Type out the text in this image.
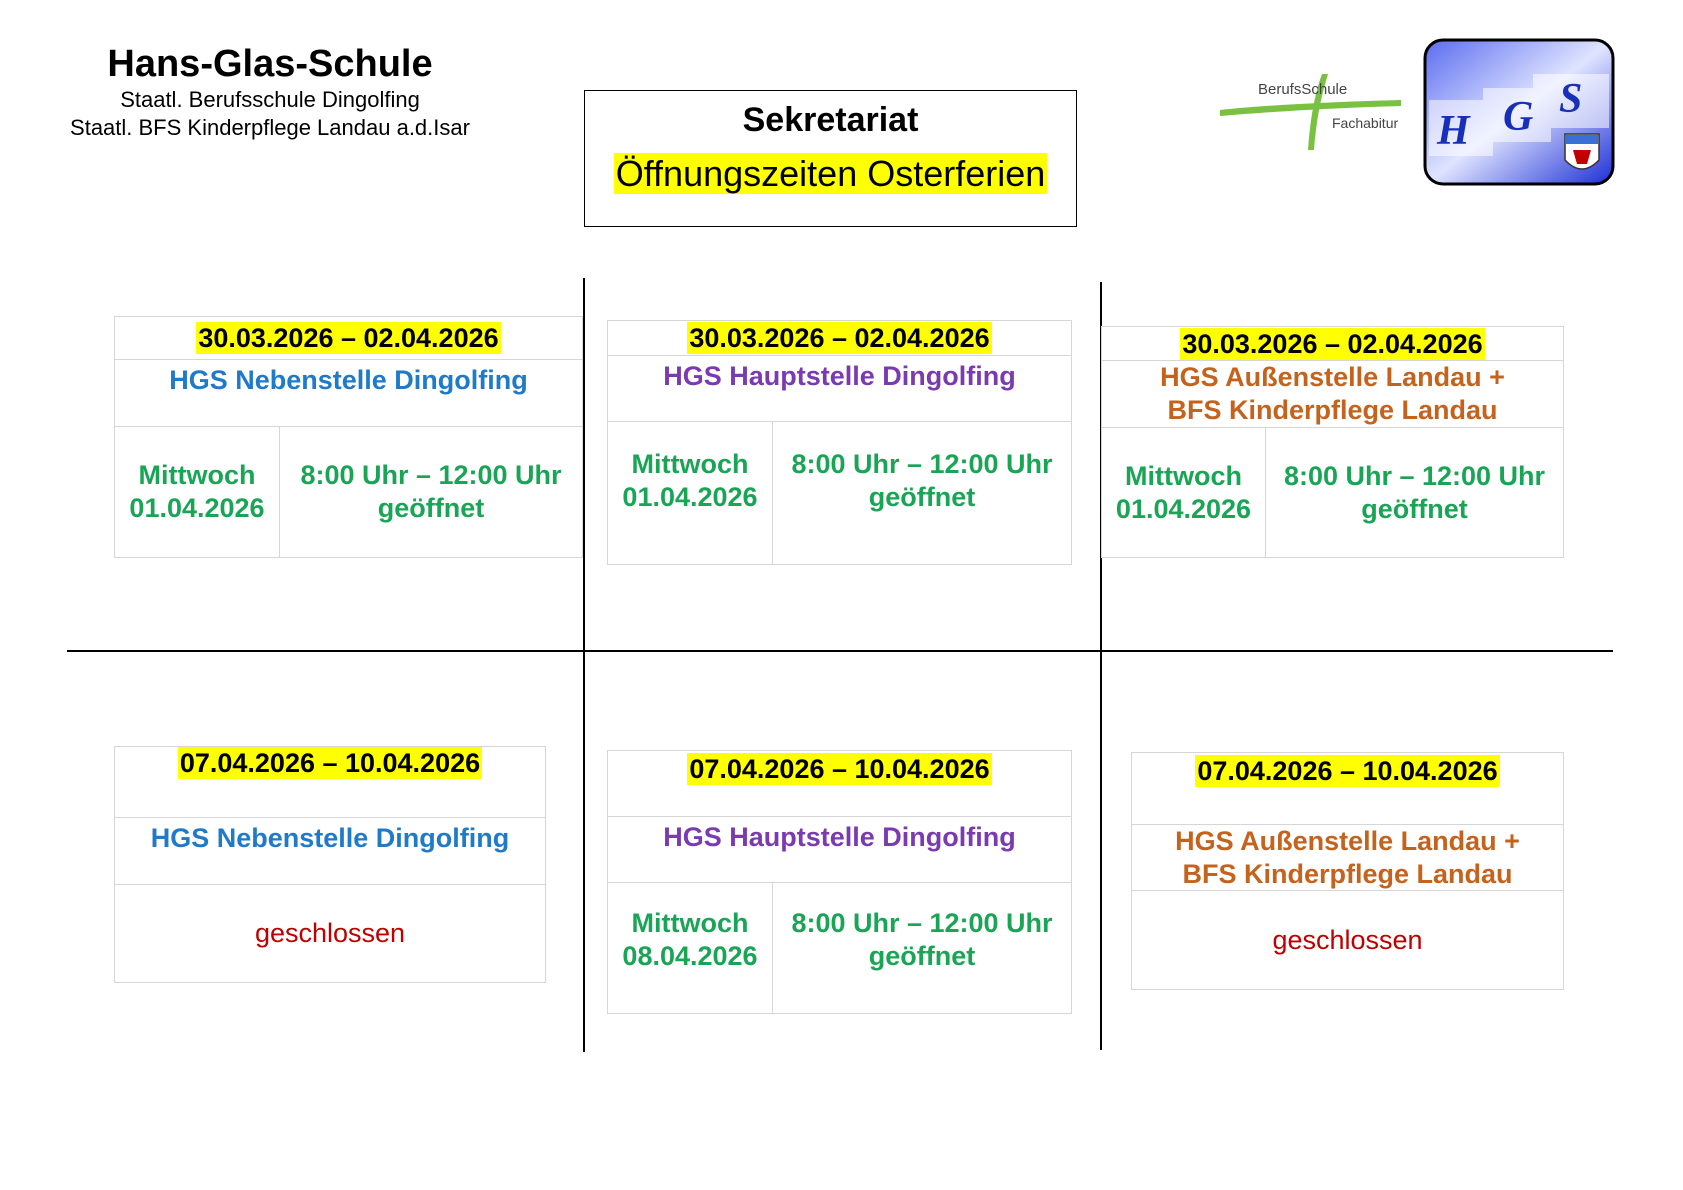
Hans-Glas-Schule
Staatl. Berufsschule Dingolfing
Staatl. BFS Kinderpflege Landau a.d.Isar	Sekretariat
Öffnungszeiten Osterferien
BerufsSchule
Fachabitur H G S
30.03.2026 – 02.04.2026
HGS Nebenstelle Dingolfing
Mittwoch
01.04.2026
8:00 Uhr – 12:00 Uhr
geöffnet
30.03.2026 – 02.04.2026
HGS Hauptstelle Dingolfing
Mittwoch
01.04.2026
8:00 Uhr – 12:00 Uhr
geöffnet
30.03.2026 – 02.04.2026
HGS Außenstelle Landau +
BFS Kinderpflege Landau
Mittwoch
01.04.2026
8:00 Uhr – 12:00 Uhr
geöffnet
07.04.2026 – 10.04.2026
HGS Nebenstelle Dingolfing
geschlossen
07.04.2026 – 10.04.2026
HGS Hauptstelle Dingolfing
Mittwoch
08.04.2026
8:00 Uhr – 12:00 Uhr
geöffnet
07.04.2026 – 10.04.2026
HGS Außenstelle Landau +
BFS Kinderpflege Landau
geschlossen
